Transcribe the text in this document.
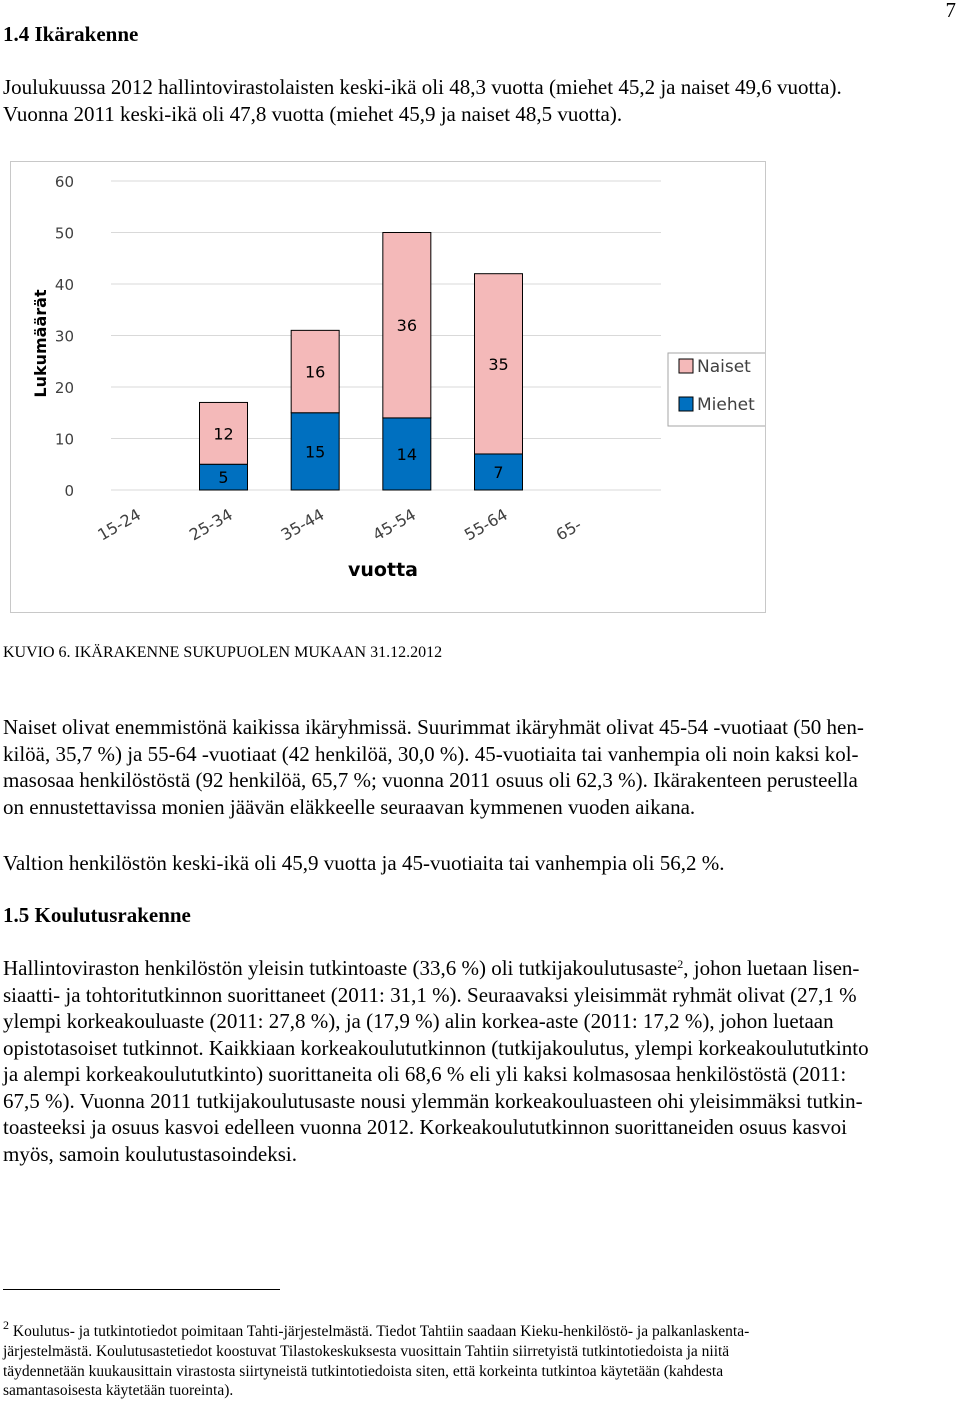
7
1.4 Ikärakenne
Joulukuussa 2012 hallintovirastolaisten keski-ikä oli 48,3 vuotta (miehet 45,2 ja naiset 49,6 vuotta).
Vuonna 2011 keski-ikä oli 47,8 vuotta (miehet 45,9 ja naiset 48,5 vuotta).
0
10
20
30
40
50
60
Lukumäärät
15-24
5
12
25-34
15
16
35-44
14
36
45-54
7
35
55-64	65-
vuotta
Naiset
Miehet
KUVIO 6. IKÄRAKENNE SUKUPUOLEN MUKAAN 31.12.2012
Naiset olivat enemmistönä kaikissa ikäryhmissä. Suurimmat ikäryhmät olivat 45-54 -vuotiaat (50 hen-
kilöä, 35,7 %) ja 55-64 -vuotiaat (42 henkilöä, 30,0 %). 45-vuotiaita tai vanhempia oli noin kaksi kol-
masosaa henkilöstöstä (92 henkilöä, 65,7 %; vuonna 2011 osuus oli 62,3 %). Ikärakenteen perusteella
on ennustettavissa monien jäävän eläkkeelle seuraavan kymmenen vuoden aikana.
Valtion henkilöstön keski-ikä oli 45,9 vuotta ja 45-vuotiaita tai vanhempia oli 56,2 %.
1.5 Koulutusrakenne
Hallintoviraston henkilöstön yleisin tutkintoaste (33,6 %) oli tutkijakoulutusaste$^2$, johon luetaan lisen-
siaatti- ja tohtoritutkinnon suorittaneet (2011: 31,1 %). Seuraavaksi yleisimmät ryhmät olivat (27,1 %
ylempi korkeakouluaste (2011: 27,8 %), ja (17,9 %) alin korkea-aste (2011: 17,2 %), johon luetaan
opistotasoiset tutkinnot. Kaikkiaan korkeakoulututkinnon (tutkijakoulutus, ylempi korkeakoulututkinto
ja alempi korkeakoulututkinto) suorittaneita oli 68,6 % eli yli kaksi kolmasosaa henkilöstöstä (2011:
67,5 %). Vuonna 2011 tutkijakoulutusaste nousi ylemmän korkeakouluasteen ohi yleisimmäksi tutkin-
toasteeksi ja osuus kasvoi edelleen vuonna 2012. Korkeakoulututkinnon suorittaneiden osuus kasvoi
myös, samoin koulutustasoindeksi.
$^2$ Koulutus- ja tutkintotiedot poimitaan Tahti-järjestelmästä. Tiedot Tahtiin saadaan Kieku-henkilöstö- ja palkanlaskenta-
järjestelmästä. Koulutusastetiedot koostuvat Tilastokeskuksesta vuosittain Tahtiin siirretyistä tutkintotiedoista ja niitä
täydennetään kuukausittain virastosta siirtyneistä tutkintotiedoista siten, että korkeinta tutkintoa käytetään (kahdesta
samantasoisesta käytetään tuoreinta).
